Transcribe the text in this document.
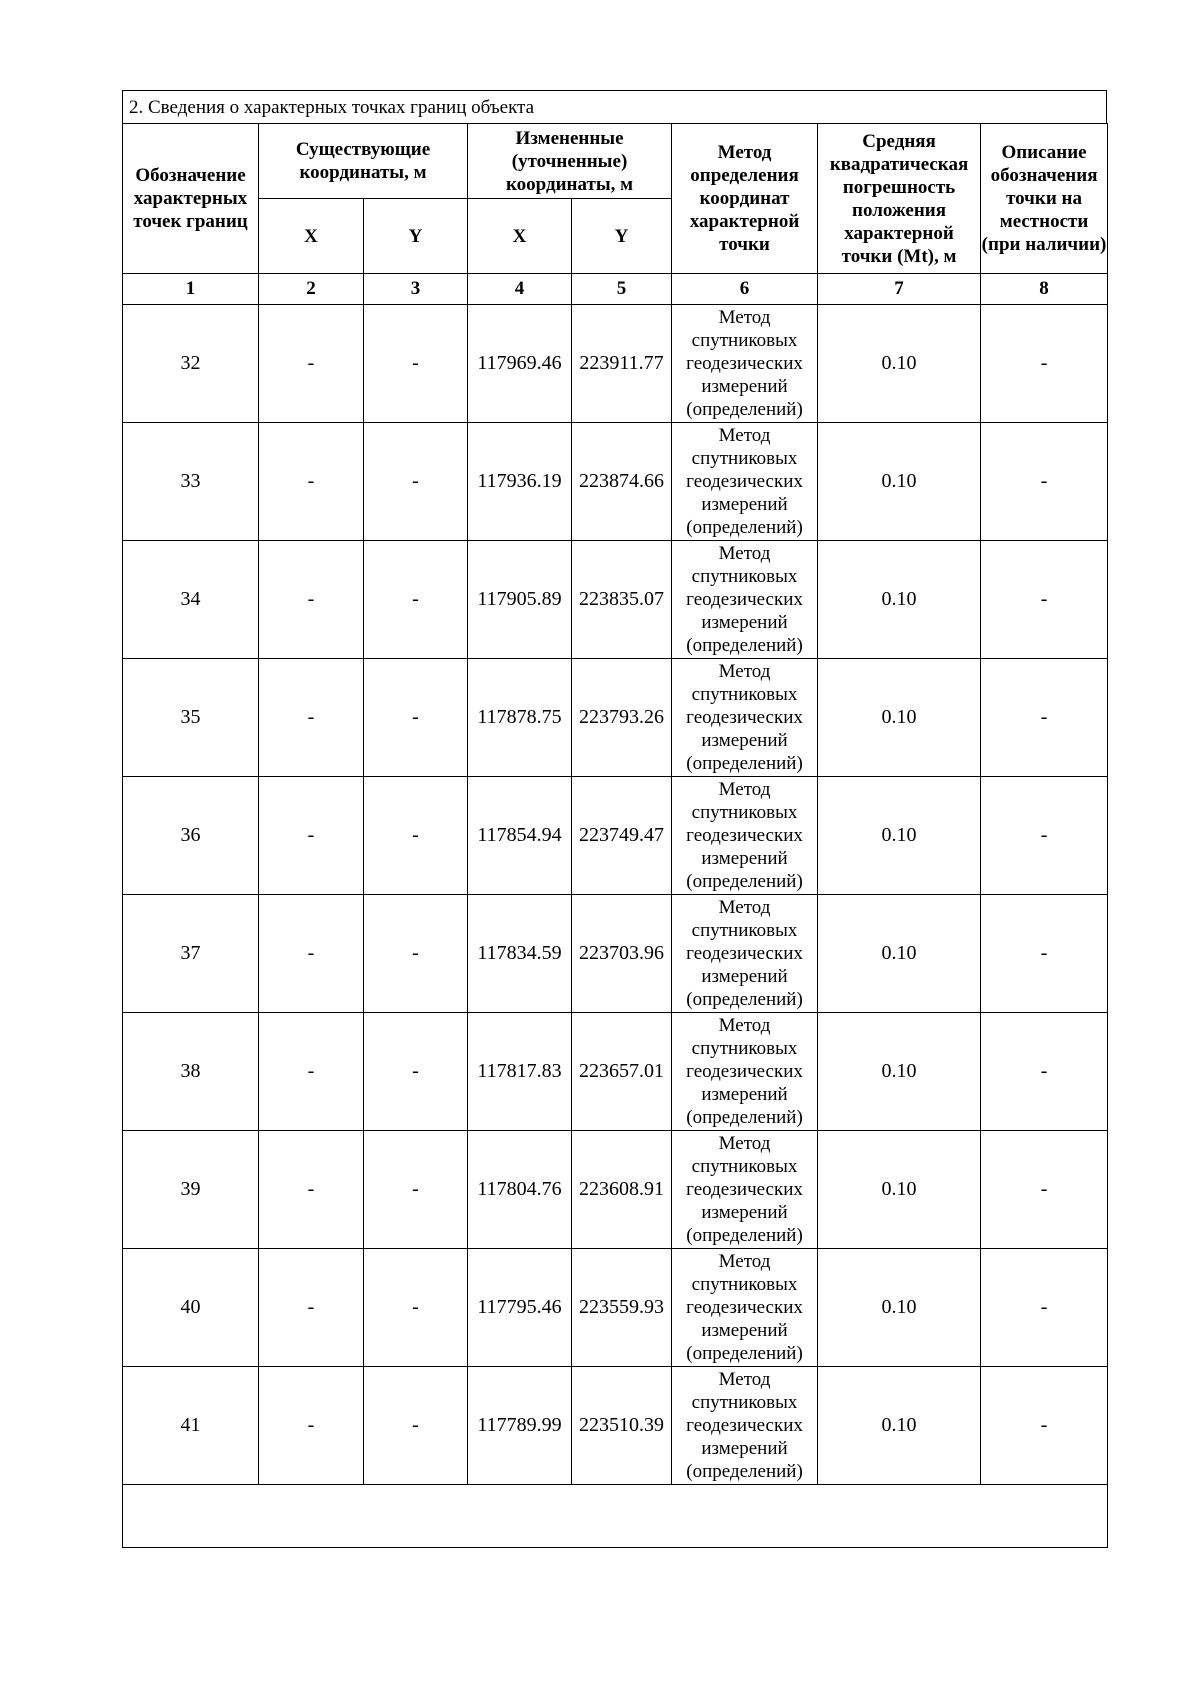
2. Сведения о характерных точках границ объекта
Обозначение характерных точек границ	Существующие координаты, м		Измененные (уточненные) координаты, м		Метод определения координат характерной точки	Средняя квадратическая погрешность положения характерной точки (Mt), м	Описание обозначения точки на местности (при наличии)
	X	Y	X	Y			
1	2	3	4	5	6	7	8
32	-	-	117969.46	223911.77	Метод спутниковых геодезических измерений (определений)	0.10	-
33	-	-	117936.19	223874.66	Метод спутниковых геодезических измерений (определений)	0.10	-
34	-	-	117905.89	223835.07	Метод спутниковых геодезических измерений (определений)	0.10	-
35	-	-	117878.75	223793.26	Метод спутниковых геодезических измерений (определений)	0.10	-
36	-	-	117854.94	223749.47	Метод спутниковых геодезических измерений (определений)	0.10	-
37	-	-	117834.59	223703.96	Метод спутниковых геодезических измерений (определений)	0.10	-
38	-	-	117817.83	223657.01	Метод спутниковых геодезических измерений (определений)	0.10	-
39	-	-	117804.76	223608.91	Метод спутниковых геодезических измерений (определений)	0.10	-
40	-	-	117795.46	223559.93	Метод спутниковых геодезических измерений (определений)	0.10	-
41	-	-	117789.99	223510.39	Метод спутниковых геодезических измерений (определений)	0.10	-
